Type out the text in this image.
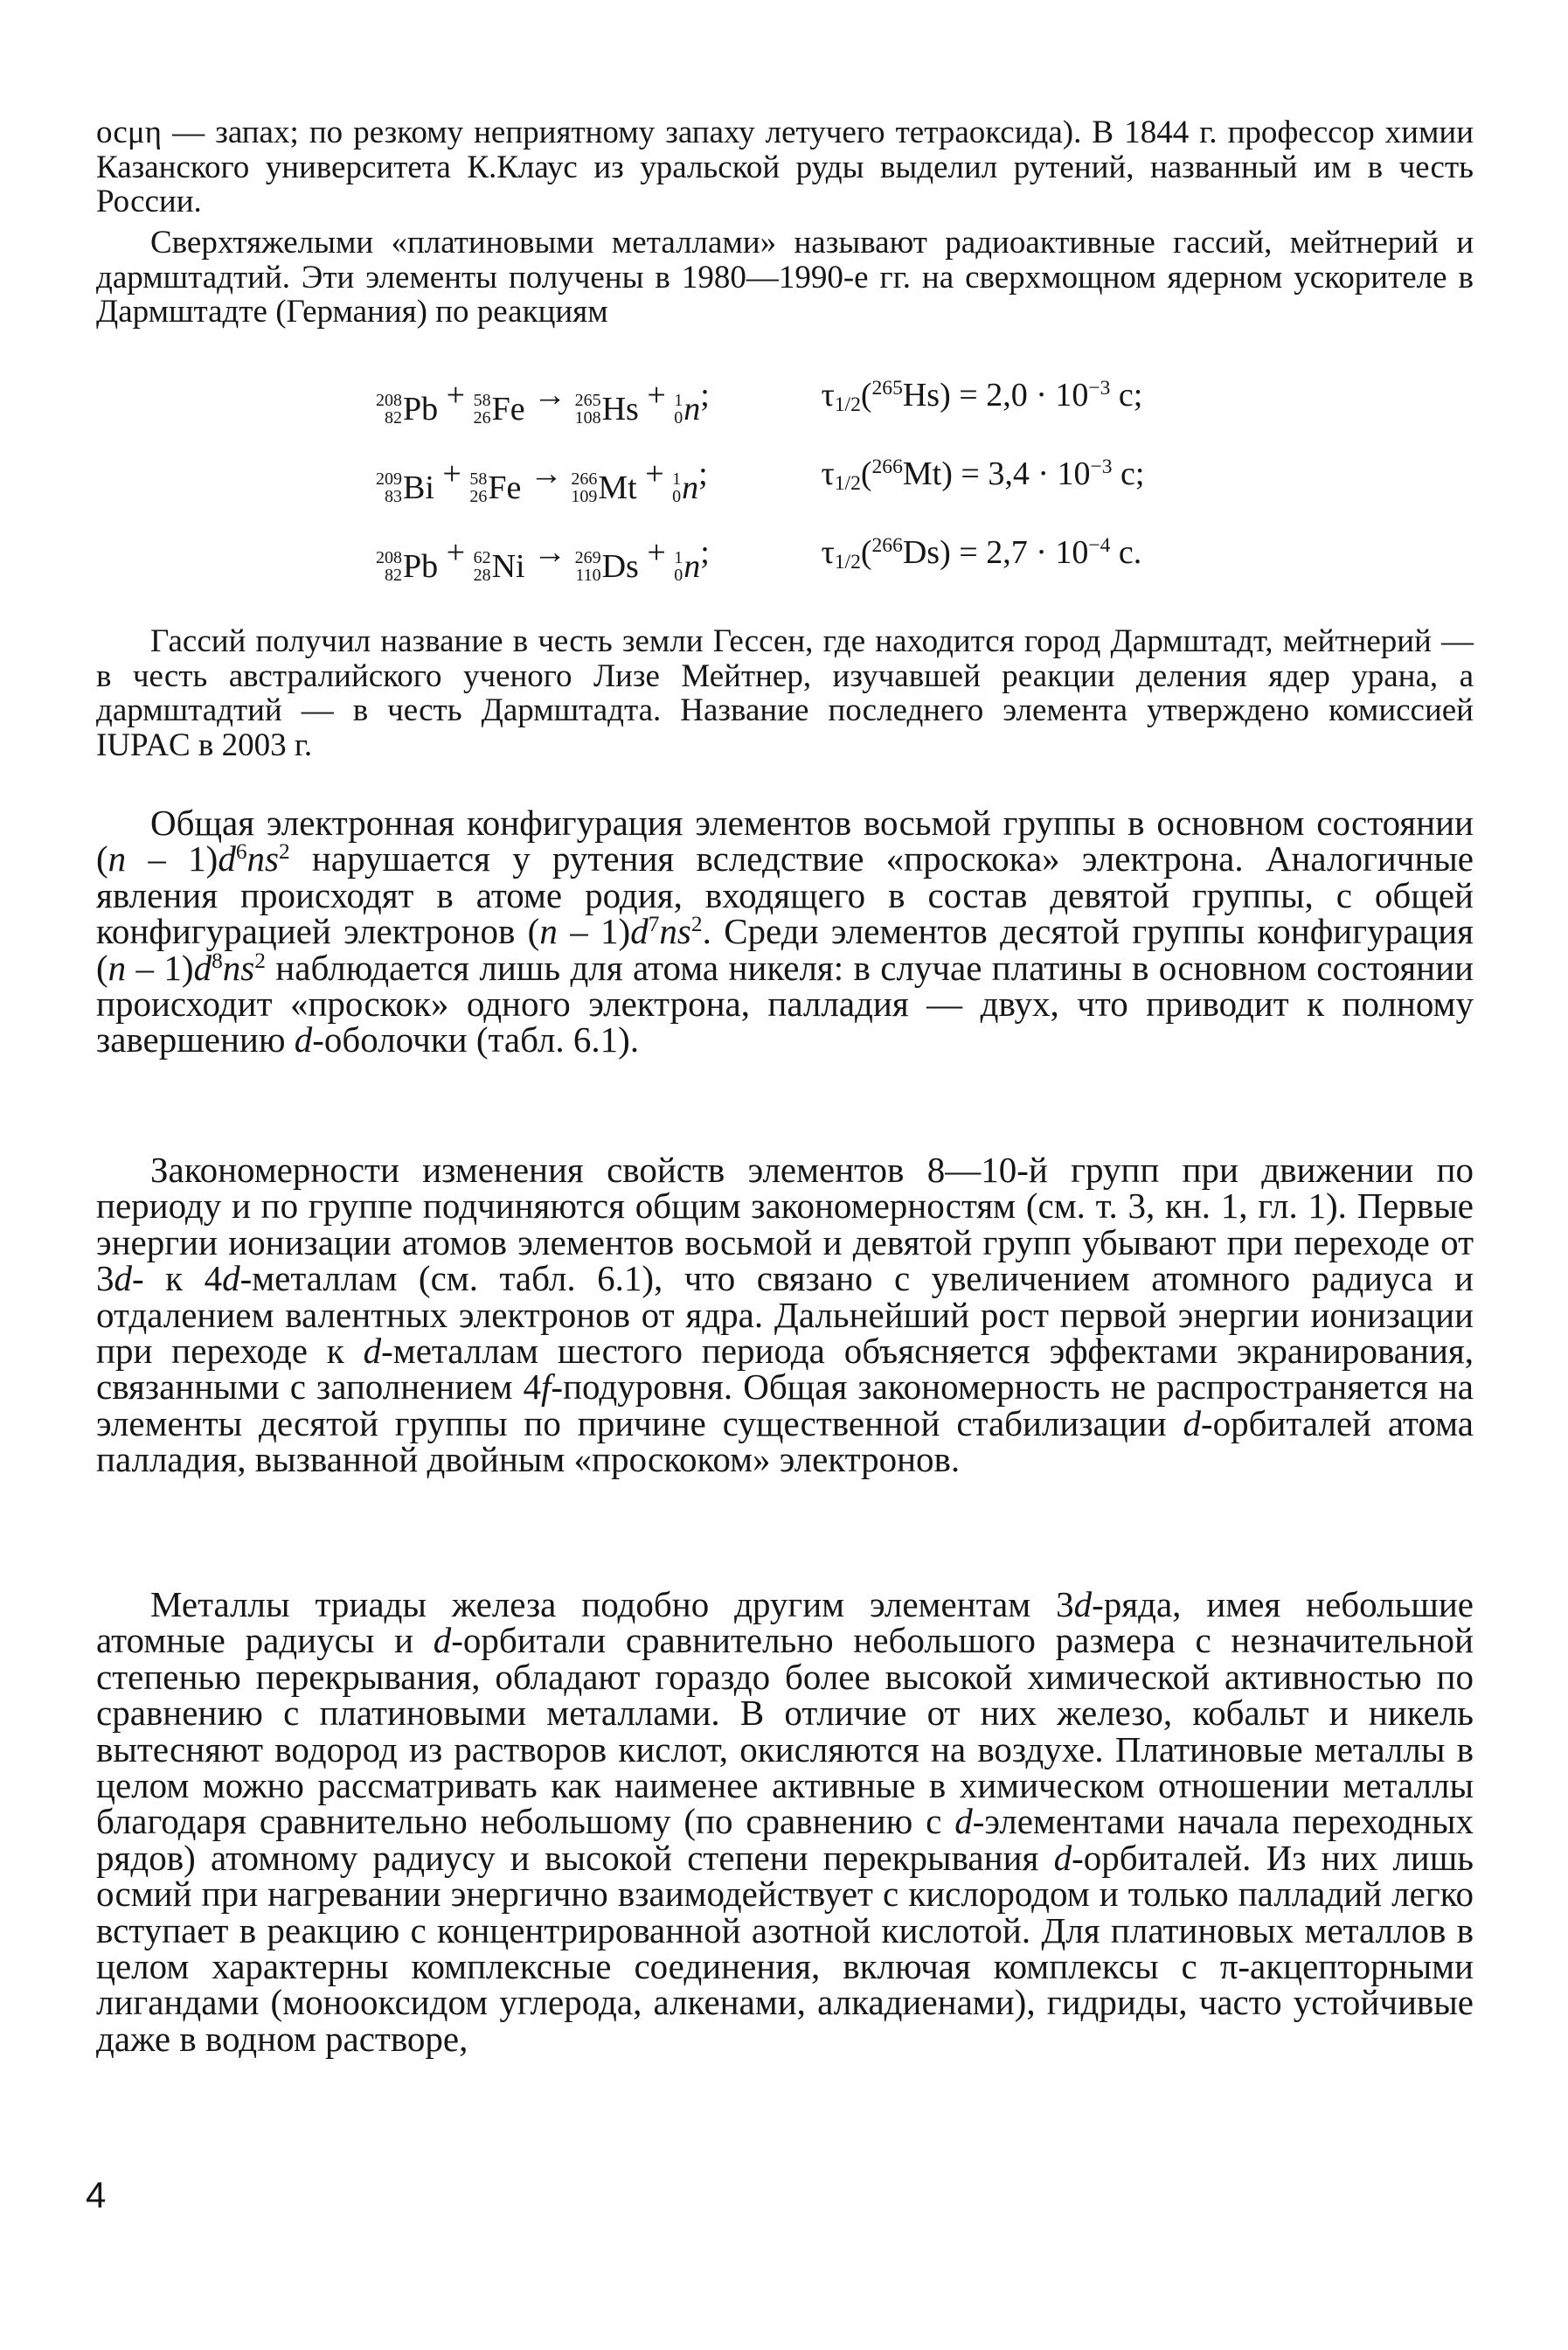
осμη — запах; по резкому неприятному запаху летучего тетраоксида). В 1844 г. профессор химии Казанского университета К.Клаус из уральской руды выделил рутений, названный им в честь России.
Сверхтяжелыми «платиновыми металлами» называют радиоактивные гассий, мейтнерий и дармштадтий. Эти элементы получены в 1980—1990-е гг. на сверхмощном ядерном ускорителе в Дармштадте (Германия) по реакциям
208
82 Pb + 58
26 Fe → 265
108 Hs + 1
0 n ;	$\tau_{1/2}(^{265}Hs) = 2,0 \cdot 10^{-3}$ с;
209
83 Bi + 58
26 Fe → 266
109 Mt + 1
0 n ;	$\tau_{1/2}(^{266}Mt) = 3,4 \cdot 10^{-3}$ с;
208
82 Pb + 62
28 Ni → 269
110 Ds + 1
0 n ;	$\tau_{1/2}(^{266}Ds) = 2,7 \cdot 10^{-4}$ с.
Гассий получил название в честь земли Гессен, где находится город Дармштадт, мейтнерий — в честь австралийского ученого Лизе Мейтнер, изучавшей реакции деления ядер урана, а дармштадтий — в честь Дармштадта. Название последнего элемента утверждено комиссией IUPAC в 2003 г.
Общая электронная конфигурация элементов восьмой группы в основном состоянии $(n - 1)d^6ns^2$ нарушается у рутения вследствие «проскока» электрона. Аналогичные явления происходят в атоме родия, входящего в состав девятой группы, с общей конфигурацией электронов $(n - 1)d^7ns^2$. Среди элементов десятой группы конфигурация $(n - 1)d^8ns^2$ наблюдается лишь для атома никеля: в случае платины в основном состоянии происходит «проскок» одного электрона, палладия — двух, что приводит к полному завершению d-оболочки (табл. 6.1).
Закономерности изменения свойств элементов 8—10-й групп при движении по периоду и по группе подчиняются общим закономерностям (см. т. 3, кн. 1, гл. 1). Первые энергии ионизации атомов элементов восьмой и девятой групп убывают при переходе от 3d- к 4d-металлам (см. табл. 6.1), что связано с увеличением атомного радиуса и отдалением валентных электронов от ядра. Дальнейший рост первой энергии ионизации при переходе к d-металлам шестого периода объясняется эффектами экранирования, связанными с заполнением 4f-подуровня. Общая закономерность не распространяется на элементы десятой группы по причине существенной стабилизации d-орбиталей атома палладия, вызванной двойным «проскоком» электронов.
Металлы триады железа подобно другим элементам 3d-ряда, имея небольшие атомные радиусы и d-орбитали сравнительно небольшого размера с незначительной степенью перекрывания, обладают гораздо более высокой химической активностью по сравнению с платиновыми металлами. В отличие от них железо, кобальт и никель вытесняют водород из растворов кислот, окисляются на воздухе. Платиновые металлы в целом можно рассматривать как наименее активные в химическом отношении металлы благодаря сравнительно небольшому (по сравнению с d-элементами начала переходных рядов) атомному радиусу и высокой степени перекрывания d-орбиталей. Из них лишь осмий при нагревании энергично взаимодействует с кислородом и только палладий легко вступает в реакцию с концентрированной азотной кислотой. Для платиновых металлов в целом характерны комплексные соединения, включая комплексы с π-акцепторными лигандами (монооксидом углерода, алкенами, алкадиенами), гидриды, часто устойчивые даже в водном растворе,
4
